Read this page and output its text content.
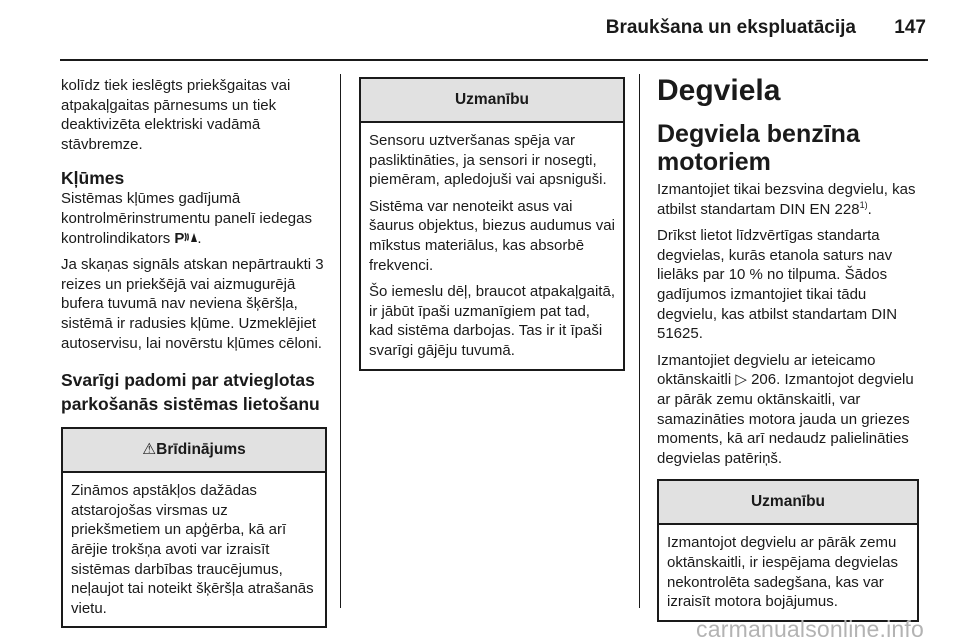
Braukšana un ekspluatācija 147

kolīdz tiek ieslēgts priekšgaitas vai atpakaļgaitas pārnesums un tiek deaktivizēta elektriski vadāmā stāvbremze.

Kļūmes

Sistēmas kļūmes gadījumā kontrolmērinstrumentu panelī iedegas kontrolindikators P .

Ja skaņas signāls atskan nepārtraukti 3 reizes un priekšējā vai aizmugurējā bufera tuvumā nav neviena šķēršļa, sistēmā ir radusies kļūme. Uzmeklējiet autoservisu, lai novērstu kļūmes cēloni.

Svarīgi padomi par atvieglotas parkošanās sistēmas lietošanu
⚠Brīdinājums

Zināmos apstākļos dažādas atstarojošas virsmas uz priekšmetiem un apģērba, kā arī ārējie trokšņa avoti var izraisīt sistēmas darbības traucējumus, neļaujot tai noteikt šķēršļa atrašanās vietu.

Uzmanību

Sensoru uztveršanas spēja var pasliktināties, ja sensori ir nosegti, piemēram, apledojuši vai apsniguši.

Sistēma var nenoteikt asus vai šaurus objektus, biezus audumus vai mīkstus materiālus, kas absorbē frekvenci.

Šo iemeslu dēļ, braucot atpakaļgaitā, ir jābūt īpaši uzmanīgiem pat tad, kad sistēma darbojas. Tas ir it īpaši svarīgi gājēju tuvumā.

Degviela
Degviela benzīna motoriem

Izmantojiet tikai bezsvina degvielu, kas atbilst standartam DIN EN 228$^{1)}$.

Drīkst lietot līdzvērtīgas standarta degvielas, kurās etanola saturs nav lielāks par 10 % no tilpuma. Šādos gadījumos izmantojiet tikai tādu degvielu, kas atbilst standartam DIN 51625.

Izmantojiet degvielu ar ieteicamo oktānskaitli ▷ 206. Izmantojot degvielu ar pārāk zemu oktānskaitli, var samazināties motora jauda un griezes moments, kā arī nedaudz palielināties degvielas patēriņš.

Uzmanību

Izmantojot degvielu ar pārāk zemu oktānskaitli, ir iespējama degvielas nekontrolēta sadegšana, kas var izraisīt motora bojājumus.

carmanualsonline.info
